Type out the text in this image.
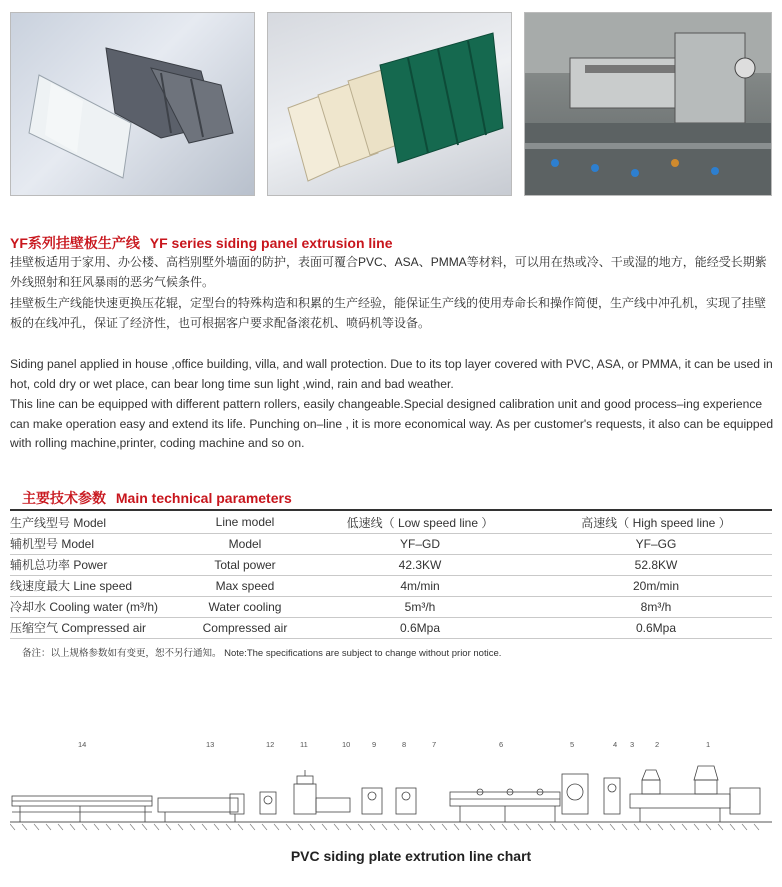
YF系列挂壁板生产线 YF series siding panel extrusion line

挂壁板适用于家用、办公楼、高档别墅外墙面的防护，表面可覆合PVC、ASA、PMMA等材料，可以用在热或冷、干或湿的地方，能经受长期紫外线照射和狂风暴雨的恶劣气候条件。

挂壁板生产线能快速更换压花辊，定型台的特殊构造和积累的生产经验，能保证生产线的使用寿命长和操作简便，生产线中冲孔机，实现了挂壁板的在线冲孔，保证了经济性，也可根据客户要求配备滚花机、喷码机等设备。

Siding panel applied in house ,office building, villa, and wall protection. Due to its top layer covered with PVC, ASA, or PMMA, it can be used in hot, cold dry or wet place, can bear long time sun light ,wind, rain and bad weather.

This line can be equipped with different pattern rollers, easily changeable.Special designed calibration unit and good process–ing experience can make operation easy and extend its life. Punching on–line , it is more economical way. As per customer's requests, it also can be equipped with rolling machine,printer, coding machine and so on.

主要技术参数 Main technical parameters
生产线型号 Model	Line model	低速线（ Low speed line ）	高速线（ High speed line ）
辅机型号 Model	Model	YF–GD	YF–GG
辅机总功率 Power	Total power	42.3KW	52.8KW
线速度最大 Line speed	Max speed	4m/min	20m/min
冷却水 Cooling water (m³/h)	Water cooling	5m³/h	8m³/h
压缩空气 Compressed air	Compressed air	0.6Mpa	0.6Mpa
备注：以上规格参数如有变更，恕不另行通知。 Note:The specifications are subject to change without prior notice.
14	13	12	11	10	9	8	7	6	5	4 3	2	1
PVC siding plate extrution line chart
